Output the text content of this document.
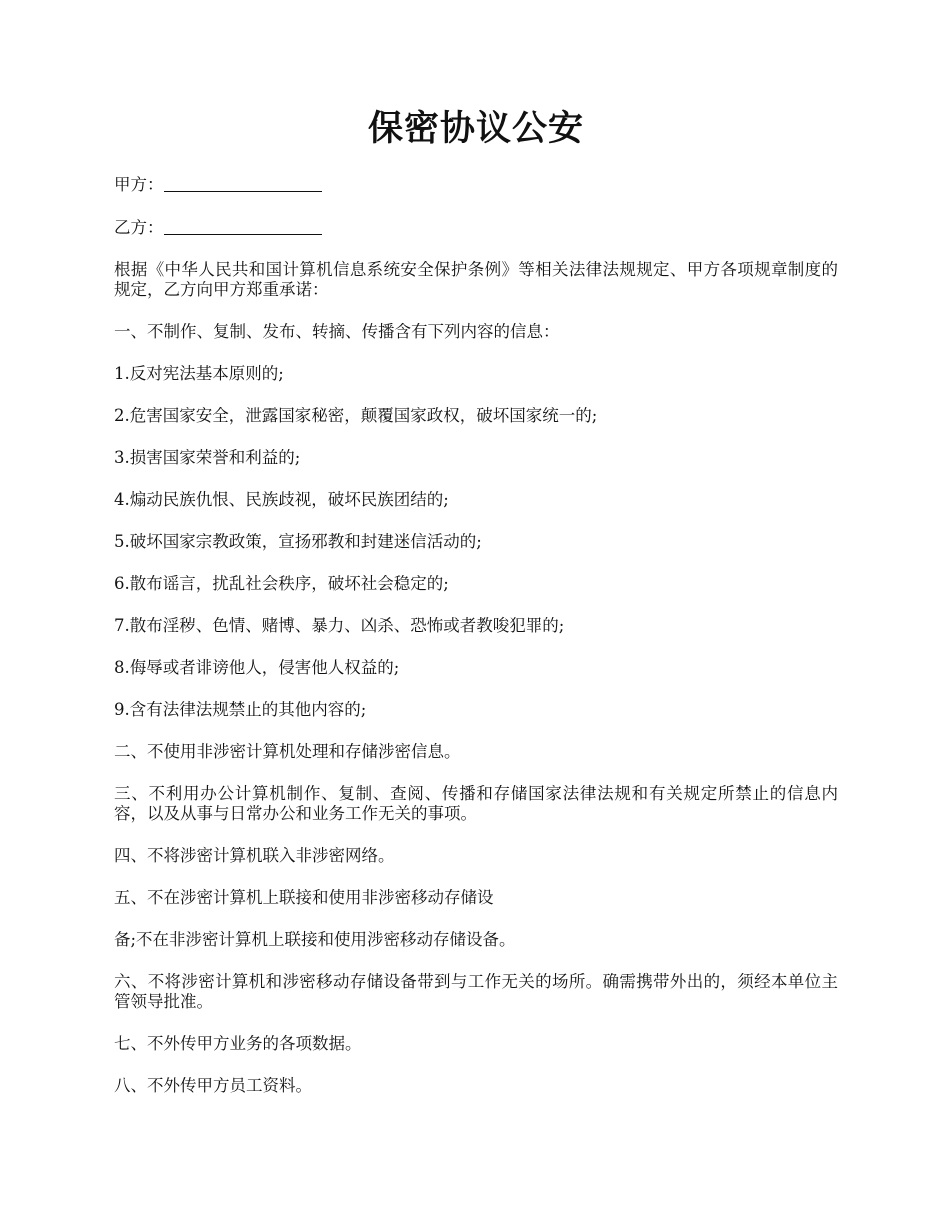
保密协议公安

甲方：

乙方：

根据《中华人民共和国计算机信息系统安全保护条例》等相关法律法规规定、甲方各项规章制度的规定，乙方向甲方郑重承诺：

一、不制作、复制、发布、转摘、传播含有下列内容的信息：

1.反对宪法基本原则的;

2.危害国家安全，泄露国家秘密，颠覆国家政权，破坏国家统一的;

3.损害国家荣誉和利益的;

4.煽动民族仇恨、民族歧视，破坏民族团结的;

5.破坏国家宗教政策，宣扬邪教和封建迷信活动的;

6.散布谣言，扰乱社会秩序，破坏社会稳定的;

7.散布淫秽、色情、赌博、暴力、凶杀、恐怖或者教唆犯罪的;

8.侮辱或者诽谤他人，侵害他人权益的;

9.含有法律法规禁止的其他内容的;

二、不使用非涉密计算机处理和存储涉密信息。

三、不利用办公计算机制作、复制、查阅、传播和存储国家法律法规和有关规定所禁止的信息内容，以及从事与日常办公和业务工作无关的事项。

四、不将涉密计算机联入非涉密网络。

五、不在涉密计算机上联接和使用非涉密移动存储设

备;不在非涉密计算机上联接和使用涉密移动存储设备。

六、不将涉密计算机和涉密移动存储设备带到与工作无关的场所。确需携带外出的，须经本单位主管领导批准。

七、不外传甲方业务的各项数据。

八、不外传甲方员工资料。
